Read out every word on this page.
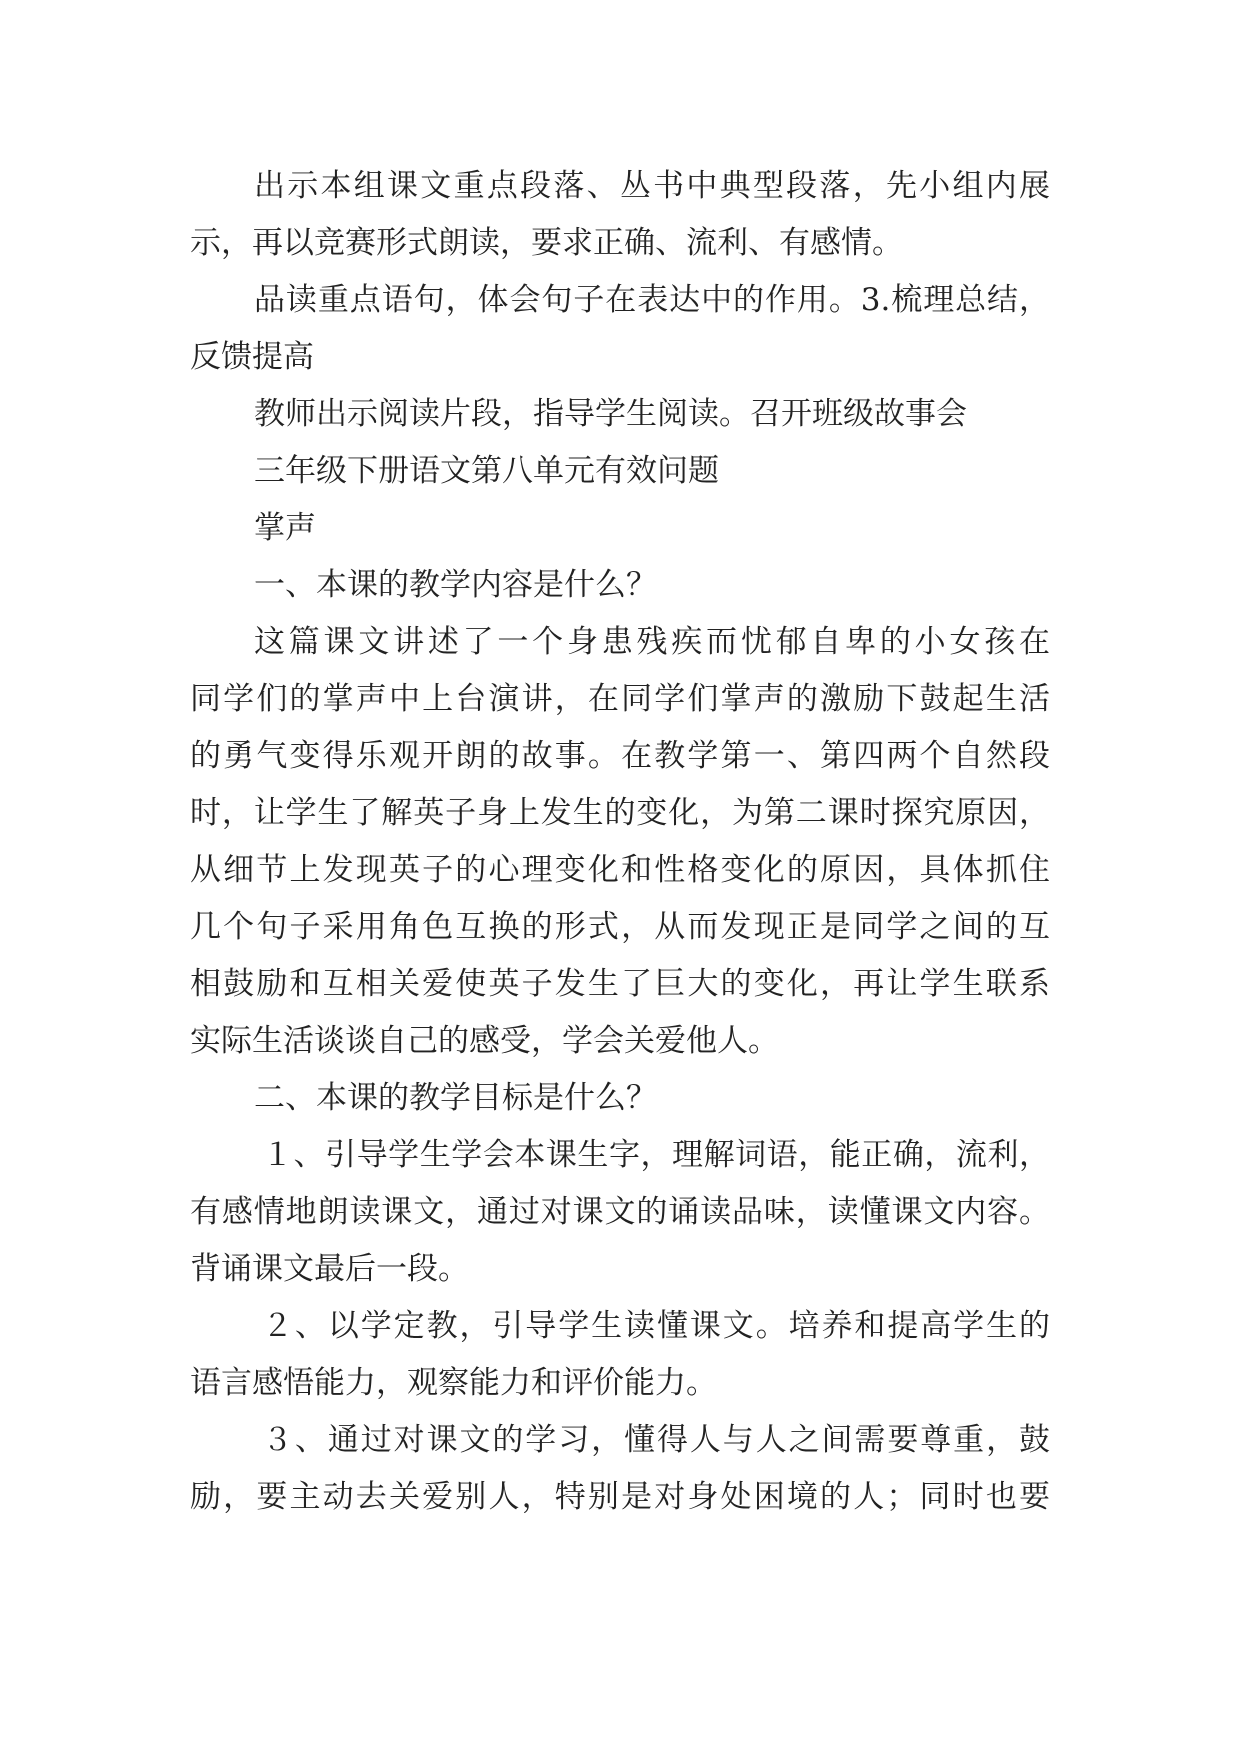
出示本组课文重点段落、丛书中典型段落，先小组内展
示，再以竞赛形式朗读，要求正确、流利、有感情。
品读重点语句，体会句子在表达中的作用。3.梳理总结，
反馈提高
教师出示阅读片段，指导学生阅读。召开班级故事会
三年级下册语文第八单元有效问题
掌声
一、本课的教学内容是什么？
这篇课文讲述了一个身患残疾而忧郁自卑的小女孩在
同学们的掌声中上台演讲，在同学们掌声的激励下鼓起生活
的勇气变得乐观开朗的故事。在教学第一、第四两个自然段
时，让学生了解英子身上发生的变化，为第二课时探究原因，
从细节上发现英子的心理变化和性格变化的原因，具体抓住
几个句子采用角色互换的形式，从而发现正是同学之间的互
相鼓励和互相关爱使英子发生了巨大的变化，再让学生联系
实际生活谈谈自己的感受，学会关爱他人。
二、本课的教学目标是什么？
１、引导学生学会本课生字，理解词语，能正确，流利，
有感情地朗读课文，通过对课文的诵读品味，读懂课文内容。
背诵课文最后一段。
２、以学定教，引导学生读懂课文。培养和提高学生的
语言感悟能力，观察能力和评价能力。
３、通过对课文的学习，懂得人与人之间需要尊重，鼓
励，要主动去关爱别人，特别是对身处困境的人；同时也要
